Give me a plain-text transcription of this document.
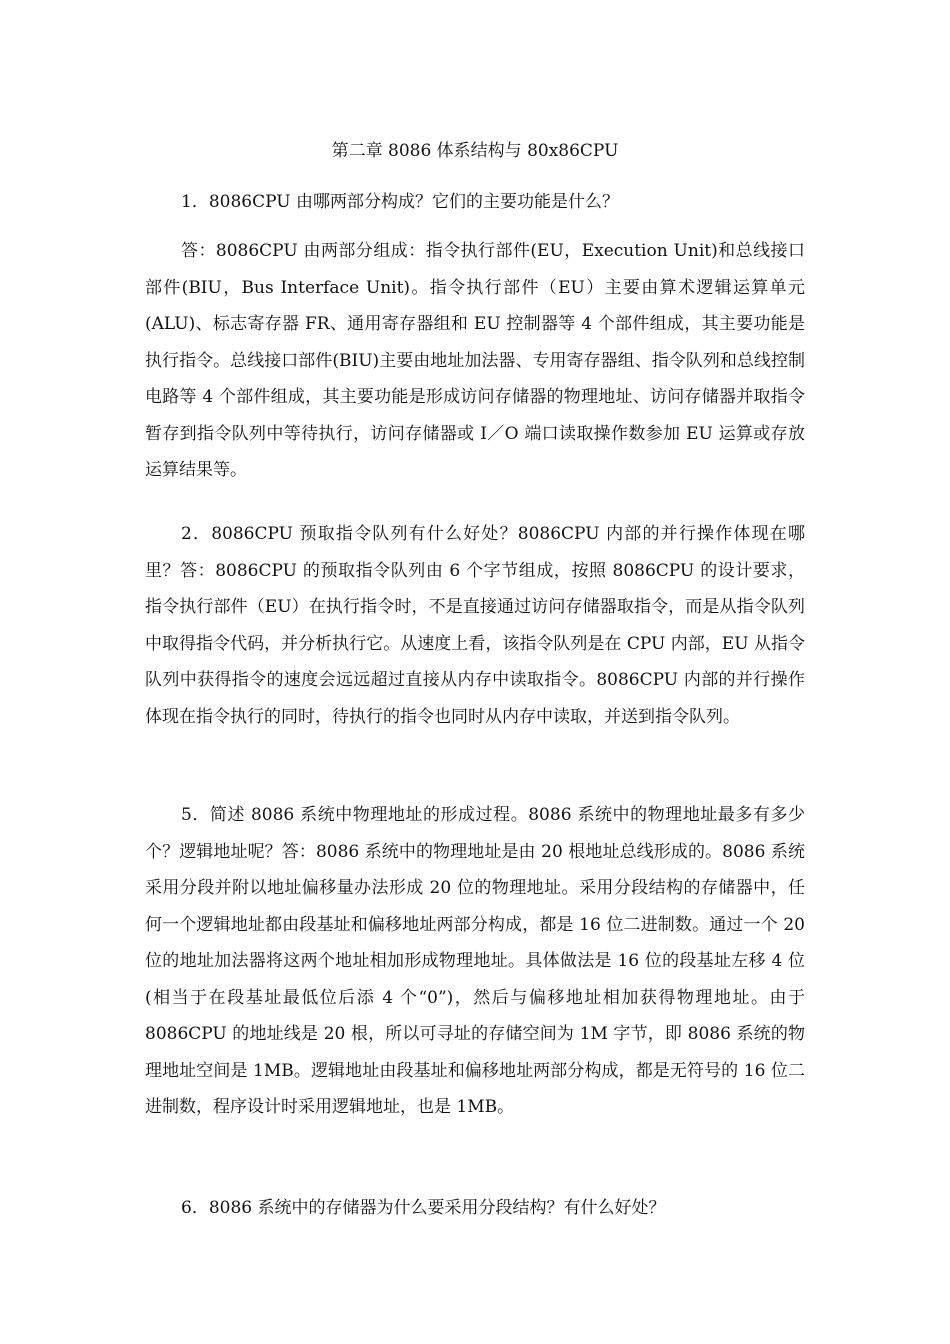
第二章 8086 体系结构与 80x86CPU

1．8086CPU 由哪两部分构成？它们的主要功能是什么？

答：8086CPU 由两部分组成：指令执行部件(EU，Execution Unit)和总线接口部件(BIU，Bus Interface Unit)。指令执行部件（EU）主要由算术逻辑运算单元(ALU)、标志寄存器 FR、通用寄存器组和 EU 控制器等 4 个部件组成，其主要功能是执行指令。总线接口部件(BIU)主要由地址加法器、专用寄存器组、指令队列和总线控制电路等 4 个部件组成，其主要功能是形成访问存储器的物理地址、访问存储器并取指令暂存到指令队列中等待执行，访问存储器或 I／O 端口读取操作数参加 EU 运算或存放运算结果等。

2．8086CPU 预取指令队列有什么好处？8086CPU 内部的并行操作体现在哪里？答：8086CPU 的预取指令队列由 6 个字节组成，按照 8086CPU 的设计要求，指令执行部件（EU）在执行指令时，不是直接通过访问存储器取指令，而是从指令队列中取得指令代码，并分析执行它。从速度上看，该指令队列是在 CPU 内部，EU 从指令队列中获得指令的速度会远远超过直接从内存中读取指令。8086CPU 内部的并行操作体现在指令执行的同时，待执行的指令也同时从内存中读取，并送到指令队列。

5．简述 8086 系统中物理地址的形成过程。8086 系统中的物理地址最多有多少个？逻辑地址呢？答：8086 系统中的物理地址是由 20 根地址总线形成的。8086 系统采用分段并附以地址偏移量办法形成 20 位的物理地址。采用分段结构的存储器中，任何一个逻辑地址都由段基址和偏移地址两部分构成，都是 16 位二进制数。通过一个 20 位的地址加法器将这两个地址相加形成物理地址。具体做法是 16 位的段基址左移 4 位(相当于在段基址最低位后添 4 个“0”)，然后与偏移地址相加获得物理地址。由于 8086CPU 的地址线是 20 根，所以可寻址的存储空间为 1M 字节，即 8086 系统的物理地址空间是 1MB。逻辑地址由段基址和偏移地址两部分构成，都是无符号的 16 位二进制数，程序设计时采用逻辑地址，也是 1MB。

6．8086 系统中的存储器为什么要采用分段结构？有什么好处？
